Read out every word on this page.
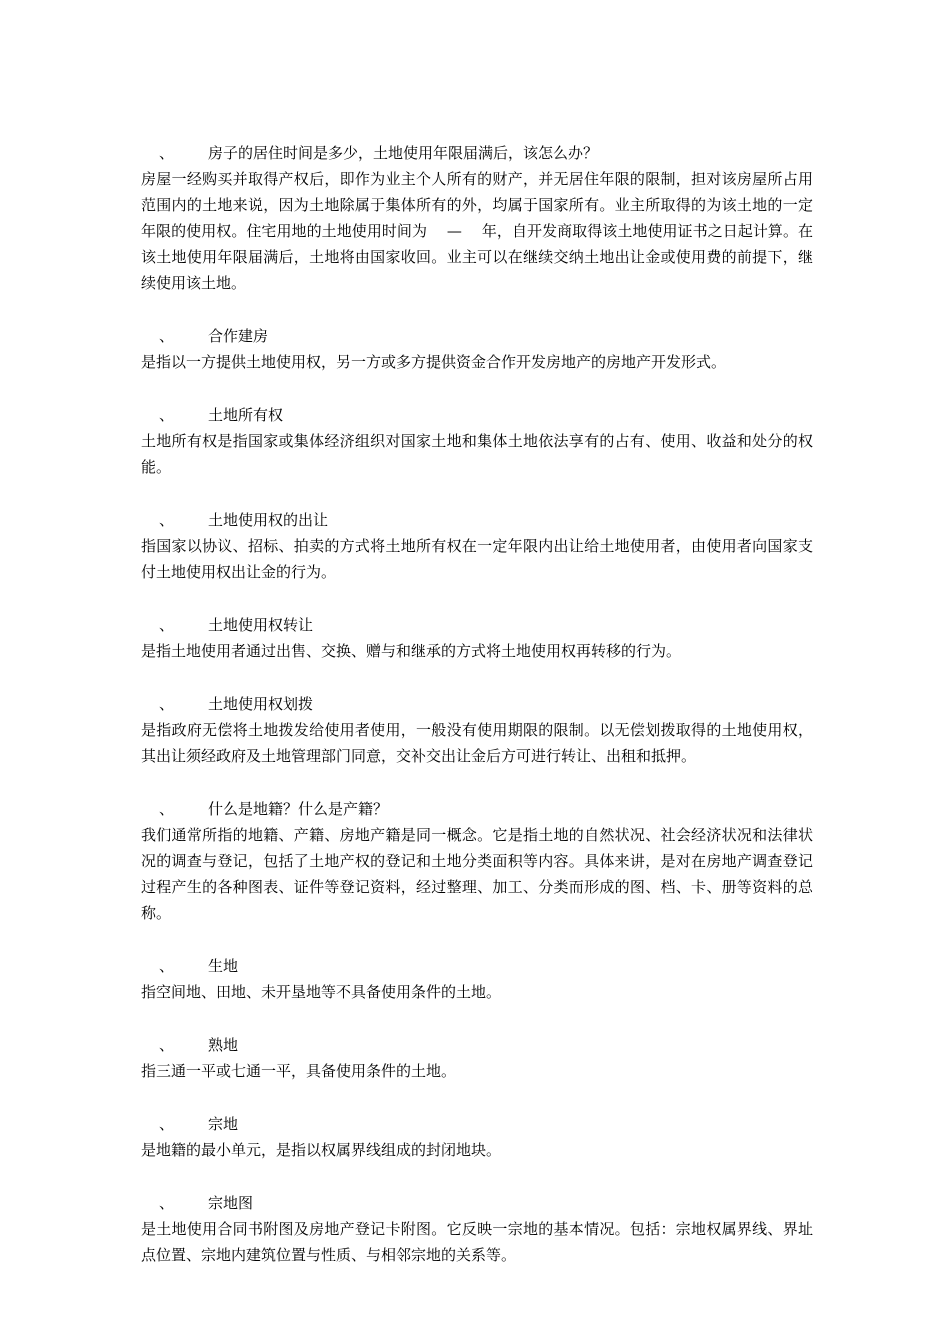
、 房子的居住时间是多少，土地使用年限届满后，该怎么办？

房屋一经购买并取得产权后，即作为业主个人所有的财产，并无居住年限的限制，担对该房屋所占用范围内的土地来说，因为土地除属于集体所有的外，均属于国家所有。业主所取得的为该土地的一定年限的使用权。住宅用地的土地使用时间为　 —　 年，自开发商取得该土地使用证书之日起计算。在该土地使用年限届满后，土地将由国家收回。业主可以在继续交纳土地出让金或使用费的前提下，继续使用该土地。

、 合作建房

是指以一方提供土地使用权，另一方或多方提供资金合作开发房地产的房地产开发形式。

、 土地所有权

土地所有权是指国家或集体经济组织对国家土地和集体土地依法享有的占有、使用、收益和处分的权能。

、 土地使用权的出让

指国家以协议、招标、拍卖的方式将土地所有权在一定年限内出让给土地使用者，由使用者向国家支付土地使用权出让金的行为。

、 土地使用权转让

是指土地使用者通过出售、交换、赠与和继承的方式将土地使用权再转移的行为。

、 土地使用权划拨

是指政府无偿将土地拨发给使用者使用，一般没有使用期限的限制。以无偿划拨取得的土地使用权，其出让须经政府及土地管理部门同意，交补交出让金后方可进行转让、出租和抵押。

、 什么是地籍？什么是产籍？

我们通常所指的地籍、产籍、房地产籍是同一概念。它是指土地的自然状况、社会经济状况和法律状况的调查与登记，包括了土地产权的登记和土地分类面积等内容。具体来讲，是对在房地产调查登记过程产生的各种图表、证件等登记资料，经过整理、加工、分类而形成的图、档、卡、册等资料的总称。

、 生地

指空间地、田地、未开垦地等不具备使用条件的土地。

、 熟地

指三通一平或七通一平，具备使用条件的土地。

、 宗地

是地籍的最小单元，是指以权属界线组成的封闭地块。

、 宗地图

是土地使用合同书附图及房地产登记卡附图。它反映一宗地的基本情况。包括：宗地权属界线、界址点位置、宗地内建筑位置与性质、与相邻宗地的关系等。
